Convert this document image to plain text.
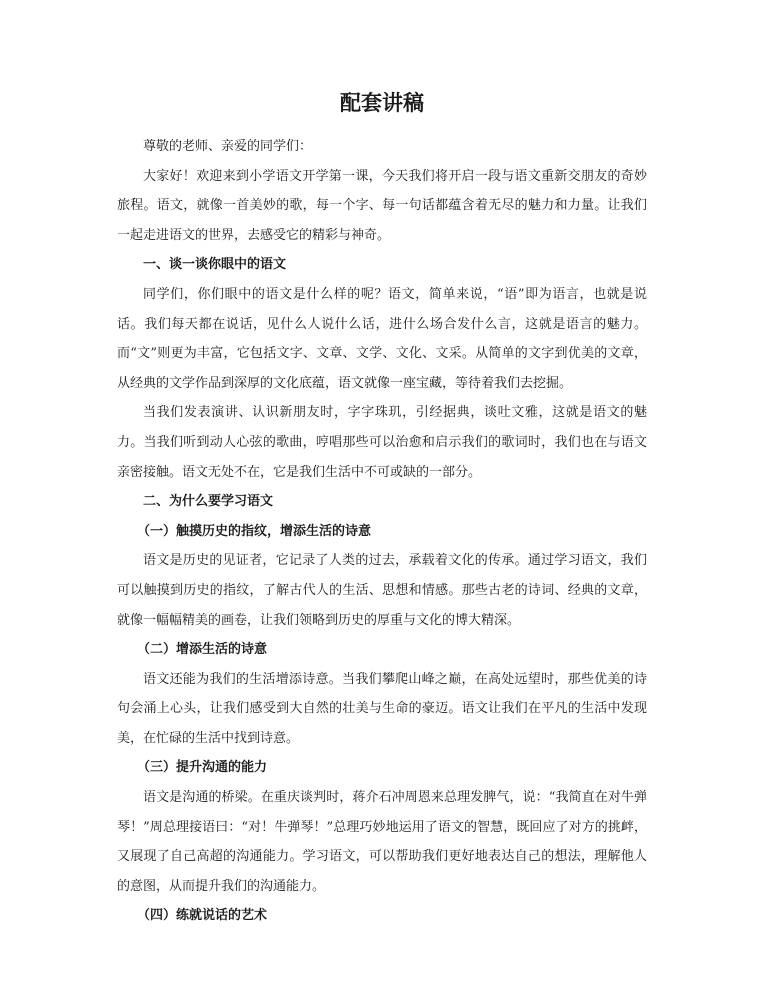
配套讲稿

尊敬的老师、亲爱的同学们：

大家好！欢迎来到小学语文开学第一课，今天我们将开启一段与语文重新交朋友的奇妙旅程。语文，就像一首美妙的歌，每一个字、每一句话都蕴含着无尽的魅力和力量。让我们一起走进语文的世界，去感受它的精彩与神奇。

一、谈一谈你眼中的语文

同学们，你们眼中的语文是什么样的呢？语文，简单来说，“语”即为语言，也就是说话。我们每天都在说话，见什么人说什么话，进什么场合发什么言，这就是语言的魅力。而“文”则更为丰富，它包括文字、文章、文学、文化、文采。从简单的文字到优美的文章，从经典的文学作品到深厚的文化底蕴，语文就像一座宝藏，等待着我们去挖掘。

当我们发表演讲、认识新朋友时，字字珠玑，引经据典，谈吐文雅，这就是语文的魅力。当我们听到动人心弦的歌曲，哼唱那些可以治愈和启示我们的歌词时，我们也在与语文亲密接触。语文无处不在，它是我们生活中不可或缺的一部分。

二、为什么要学习语文

（一）触摸历史的指纹，增添生活的诗意

语文是历史的见证者，它记录了人类的过去，承载着文化的传承。通过学习语文，我们可以触摸到历史的指纹，了解古代人的生活、思想和情感。那些古老的诗词、经典的文章，就像一幅幅精美的画卷，让我们领略到历史的厚重与文化的博大精深。

（二）增添生活的诗意

语文还能为我们的生活增添诗意。当我们攀爬山峰之巅，在高处远望时，那些优美的诗句会涌上心头，让我们感受到大自然的壮美与生命的豪迈。语文让我们在平凡的生活中发现美，在忙碌的生活中找到诗意。

（三）提升沟通的能力

语文是沟通的桥梁。在重庆谈判时，蒋介石冲周恩来总理发脾气，说：“我简直在对牛弹琴！”周总理接语曰：“对！牛弹琴！”总理巧妙地运用了语文的智慧，既回应了对方的挑衅，又展现了自己高超的沟通能力。学习语文，可以帮助我们更好地表达自己的想法，理解他人的意图，从而提升我们的沟通能力。

（四）练就说话的艺术
